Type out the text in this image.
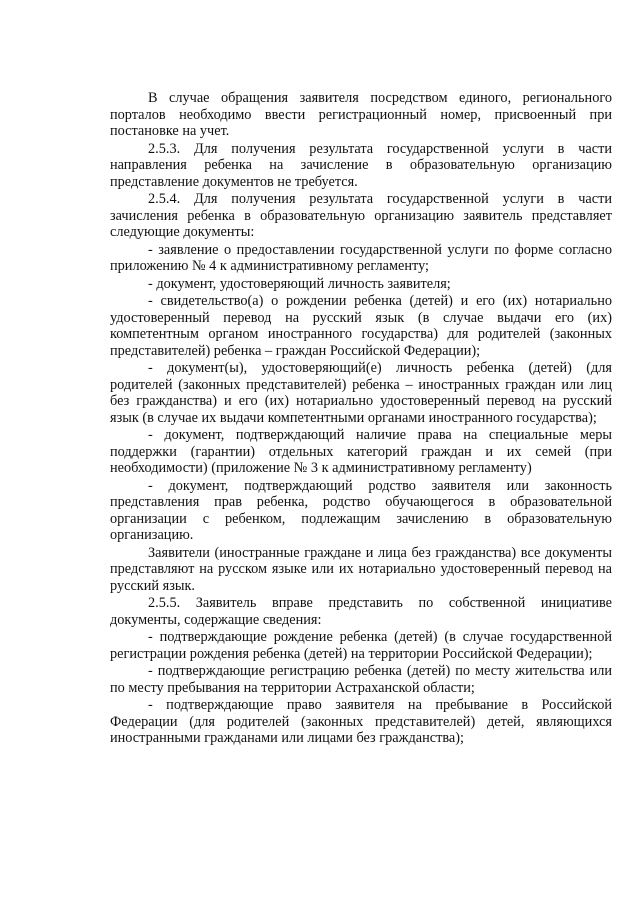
В случае обращения заявителя посредством единого, регионального порталов необходимо ввести регистрационный номер, присвоенный при постановке на учет.

2.5.3. Для получения результата государственной услуги в части направления ребенка на зачисление в образовательную организацию представление документов не требуется.

2.5.4. Для получения результата государственной услуги в части зачисления ребенка в образовательную организацию заявитель представляет следующие документы:

- заявление о предоставлении государственной услуги по форме согласно приложению № 4 к административному регламенту;

- документ, удостоверяющий личность заявителя;

- свидетельство(а) о рождении ребенка (детей) и его (их) нотариально удостоверенный перевод на русский язык (в случае выдачи его (их) компетентным органом иностранного государства) для родителей (законных представителей) ребенка – граждан Российской Федерации);

- документ(ы), удостоверяющий(е) личность ребенка (детей) (для родителей (законных представителей) ребенка – иностранных граждан или лиц без гражданства) и его (их) нотариально удостоверенный перевод на русский язык (в случае их выдачи компетентными органами иностранного государства);

- документ, подтверждающий наличие права на специальные меры поддержки (гарантии) отдельных категорий граждан и их семей (при необходимости) (приложение № 3 к административному регламенту)

- документ, подтверждающий родство заявителя или законность представления прав ребенка, родство обучающегося в образовательной организации с ребенком, подлежащим зачислению в образовательную организацию.

Заявители (иностранные граждане и лица без гражданства) все документы представляют на русском языке или их нотариально удостоверенный перевод на русский язык.

2.5.5. Заявитель вправе представить по собственной инициативе документы, содержащие сведения:

- подтверждающие рождение ребенка (детей) (в случае государственной регистрации рождения ребенка (детей) на территории Российской Федерации);

- подтверждающие регистрацию ребенка (детей) по месту жительства или по месту пребывания на территории Астраханской области;

- подтверждающие право заявителя на пребывание в Российской Федерации (для родителей (законных представителей) детей, являющихся иностранными гражданами или лицами без гражданства);
